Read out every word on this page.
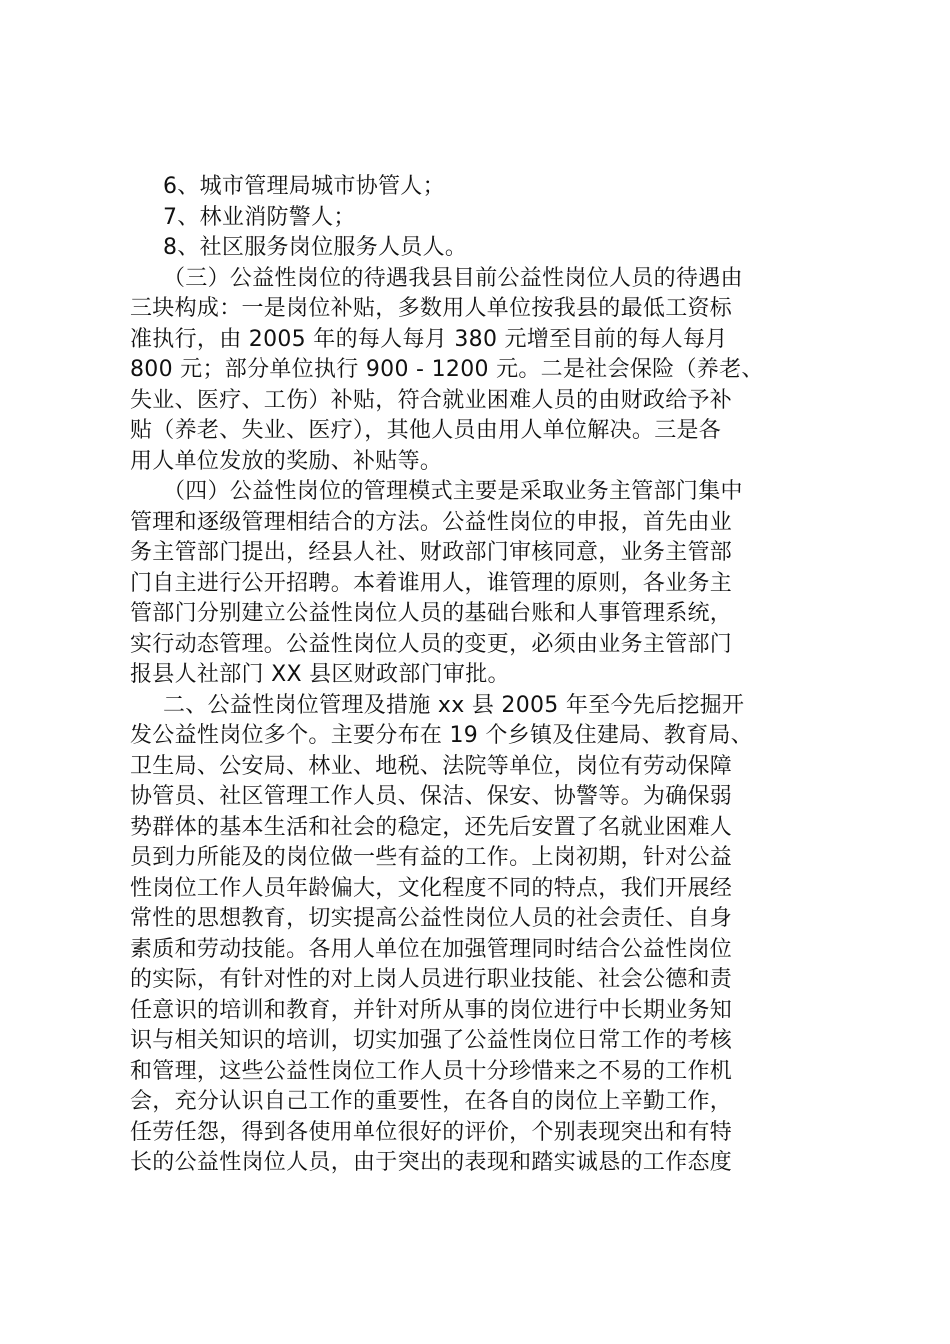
6、城市管理局城市协管人；
7、林业消防警人；
8、社区服务岗位服务人员人。
（三）公益性岗位的待遇我县目前公益性岗位人员的待遇由
三块构成：一是岗位补贴，多数用人单位按我县的最低工资标
准执行，由 2005 年的每人每月 380 元增至目前的每人每月
800 元；部分单位执行 900 - 1200 元。二是社会保险（养老、
失业、医疗、工伤）补贴，符合就业困难人员的由财政给予补
贴（养老、失业、医疗），其他人员由用人单位解决。三是各
用人单位发放的奖励、补贴等。
（四）公益性岗位的管理模式主要是采取业务主管部门集中
管理和逐级管理相结合的方法。公益性岗位的申报，首先由业
务主管部门提出，经县人社、财政部门审核同意，业务主管部
门自主进行公开招聘。本着谁用人，谁管理的原则，各业务主
管部门分别建立公益性岗位人员的基础台账和人事管理系统，
实行动态管理。公益性岗位人员的变更，必须由业务主管部门
报县人社部门 XX 县区财政部门审批。
二、公益性岗位管理及措施 xx 县 2005 年至今先后挖掘开
发公益性岗位多个。主要分布在 19 个乡镇及住建局、教育局、
卫生局、公安局、林业、地税、法院等单位，岗位有劳动保障
协管员、社区管理工作人员、保洁、保安、协警等。为确保弱
势群体的基本生活和社会的稳定，还先后安置了名就业困难人
员到力所能及的岗位做一些有益的工作。上岗初期，针对公益
性岗位工作人员年龄偏大，文化程度不同的特点，我们开展经
常性的思想教育，切实提高公益性岗位人员的社会责任、自身
素质和劳动技能。各用人单位在加强管理同时结合公益性岗位
的实际，有针对性的对上岗人员进行职业技能、社会公德和责
任意识的培训和教育，并针对所从事的岗位进行中长期业务知
识与相关知识的培训，切实加强了公益性岗位日常工作的考核
和管理，这些公益性岗位工作人员十分珍惜来之不易的工作机
会，充分认识自己工作的重要性，在各自的岗位上辛勤工作，
任劳任怨，得到各使用单位很好的评价，个别表现突出和有特
长的公益性岗位人员，由于突出的表现和踏实诚恳的工作态度
